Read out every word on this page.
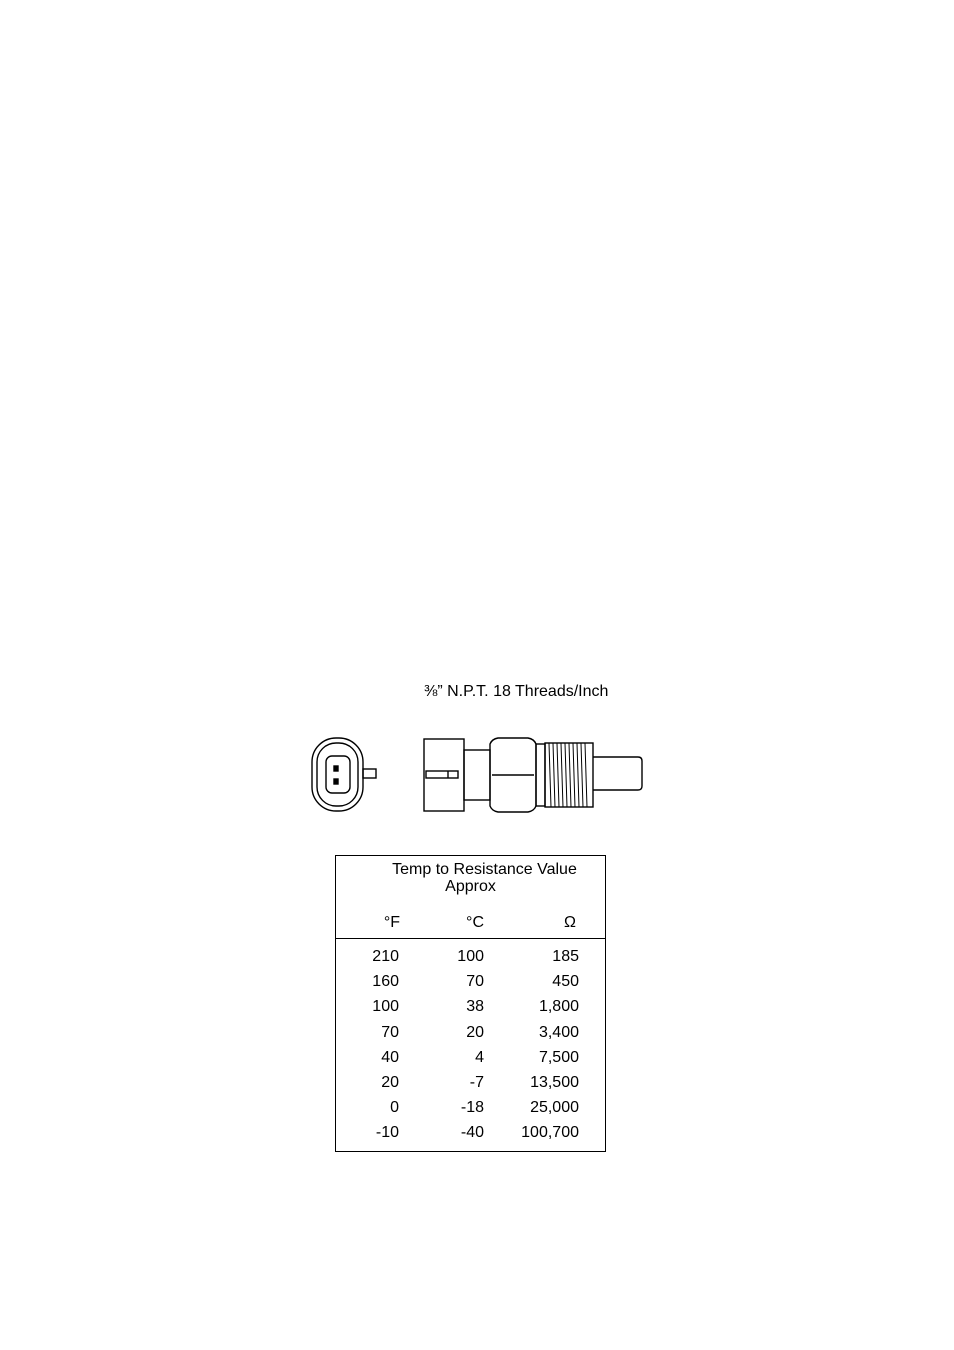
⅜” N.P.T. 18 Threads/Inch
Temp to Resistance Value
Approx
°F	°C	Ω
210	100	185
160	70	450
100	38	1,800
70	20	3,400
40	4	7,500
20	-7	13,500
0	-18	25,000
-10	-40	100,700
